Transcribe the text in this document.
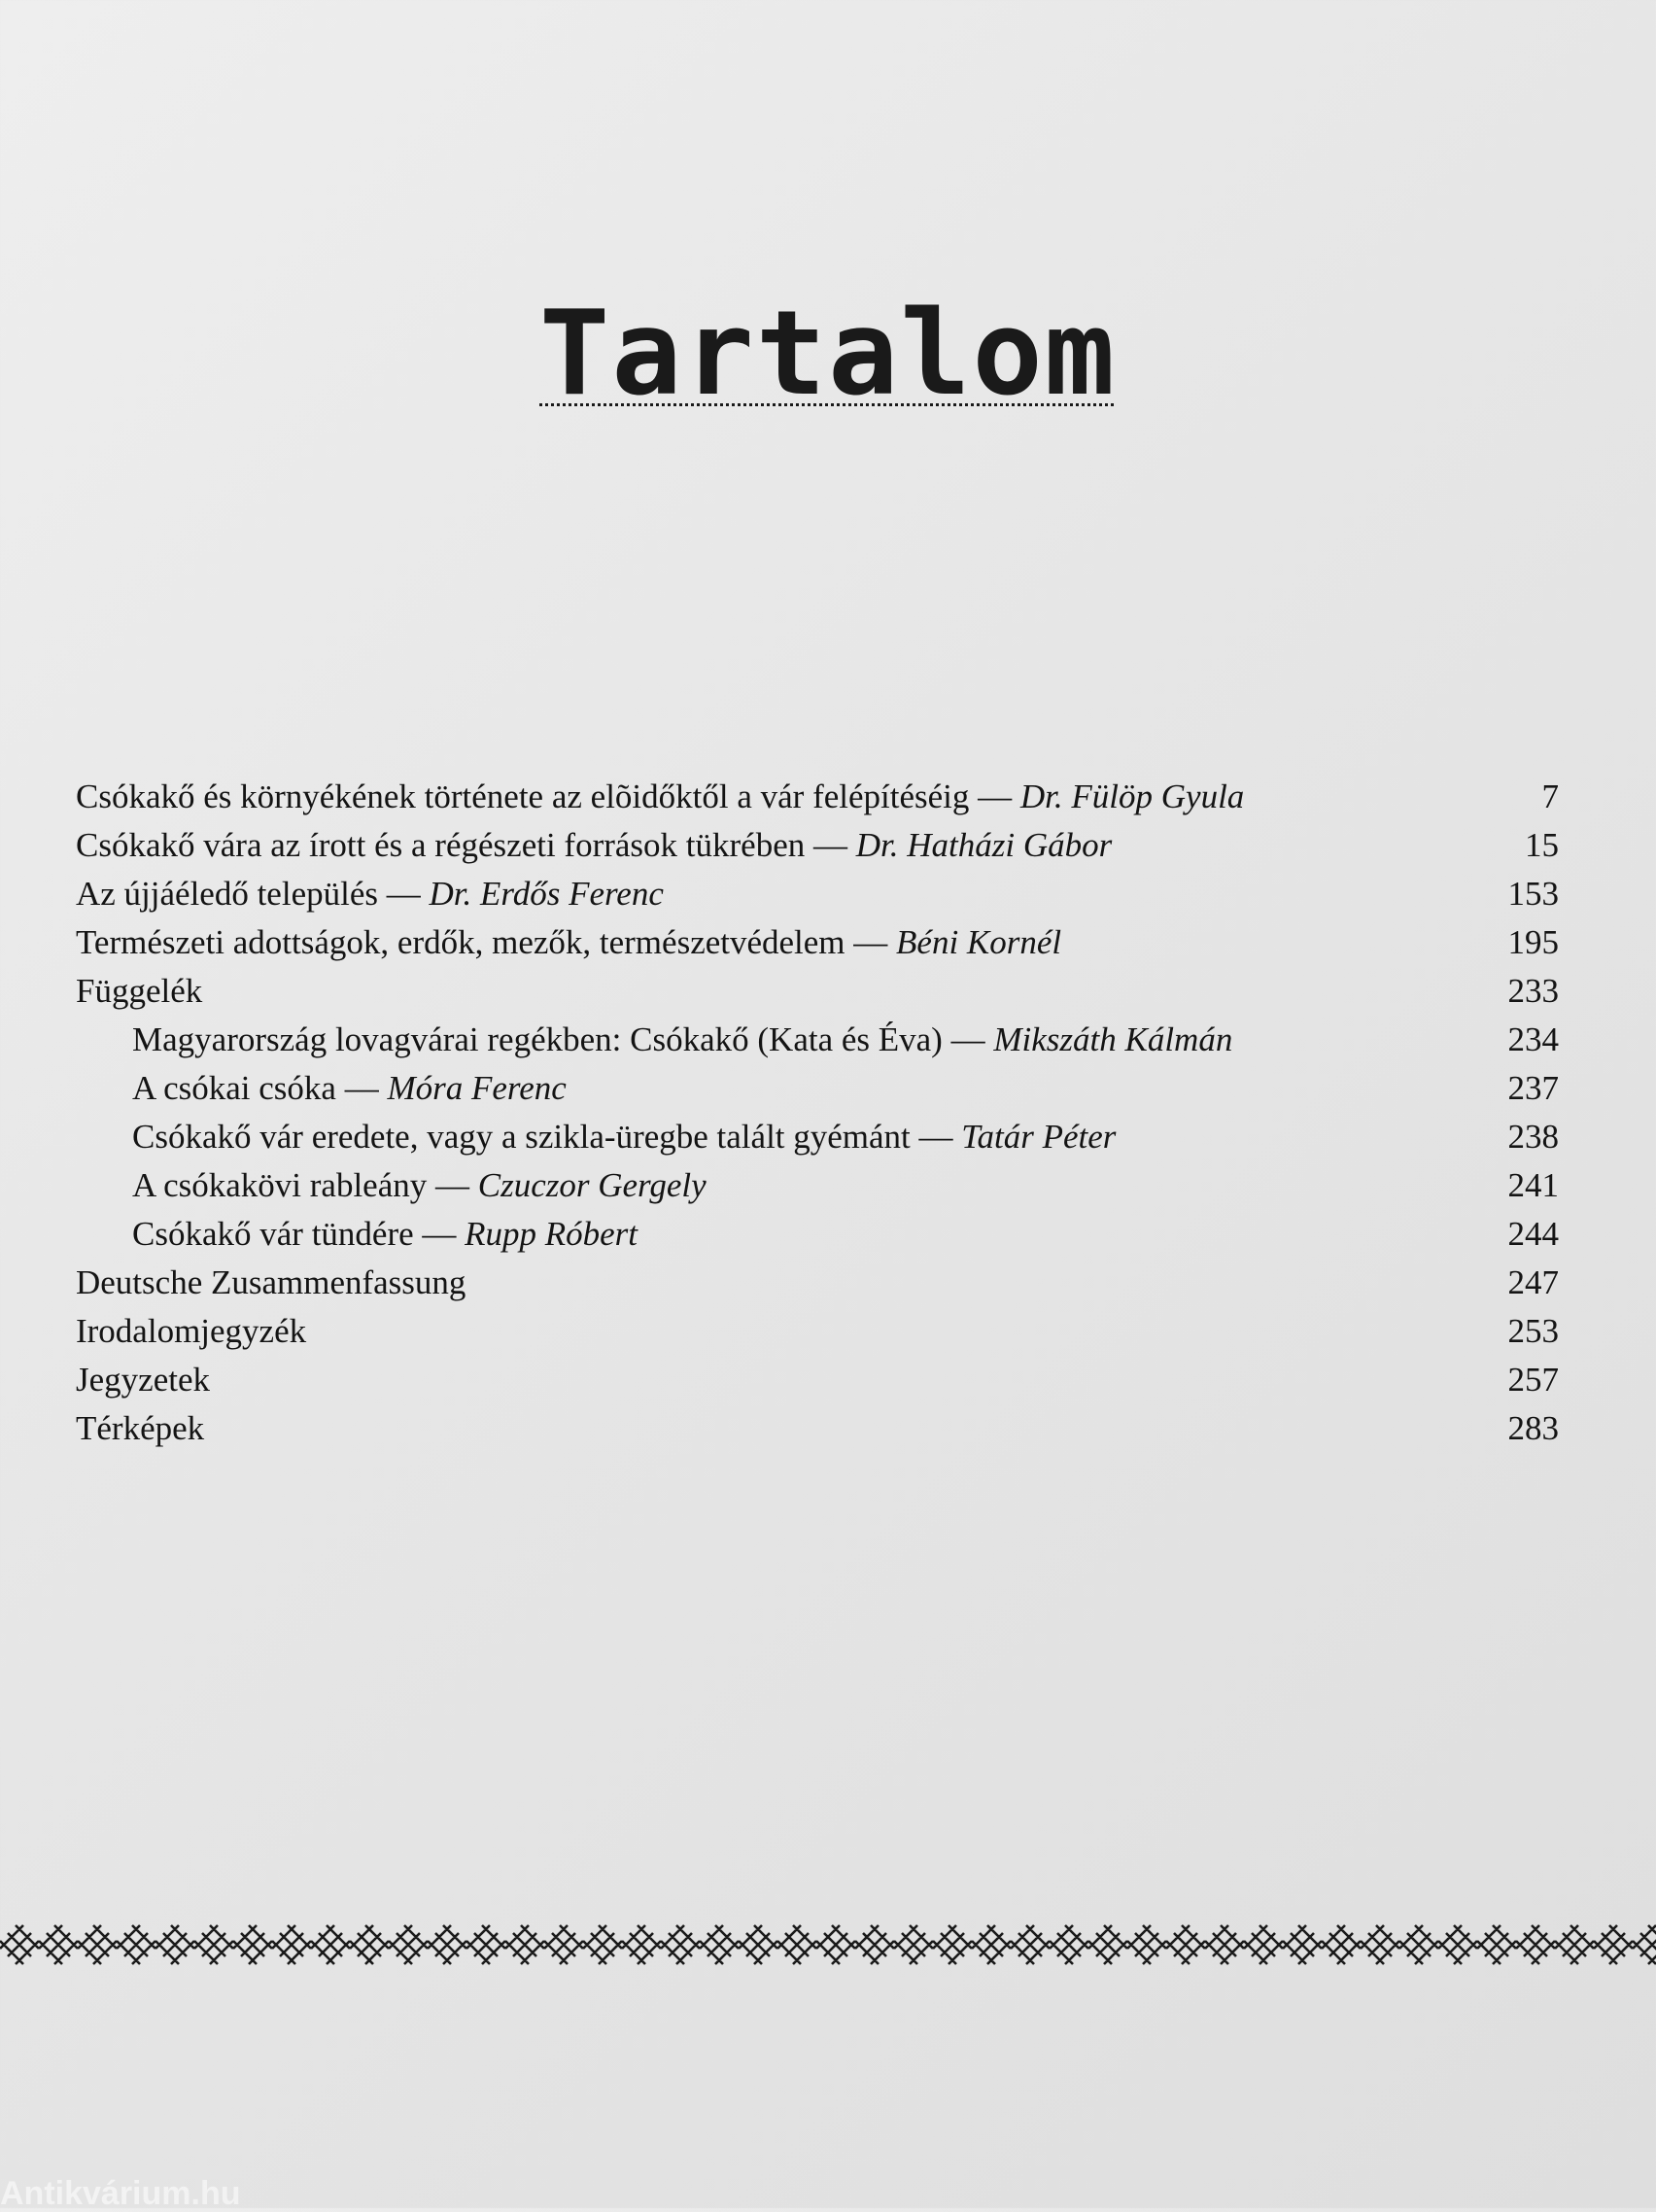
Tartalom
Csókakő és környékének története az elõidőktől a vár felépítéséig — Dr. Fülöp Gyula	7
Csókakő vára az írott és a régészeti források tükrében — Dr. Hatházi Gábor	15
Az újjáéledő település — Dr. Erdős Ferenc	153
Természeti adottságok, erdők, mezők, természetvédelem — Béni Kornél	195
Függelék	233
Magyarország lovagvárai regékben: Csókakő (Kata és Éva) — Mikszáth Kálmán	234
A csókai csóka — Móra Ferenc	237
Csókakő vár eredete, vagy a szikla-üregbe talált gyémánt — Tatár Péter	238
A csókakövi rableány — Czuczor Gergely	241
Csókakő vár tündére — Rupp Róbert	244
Deutsche Zusammenfassung	247
Irodalomjegyzék	253
Jegyzetek	257
Térképek	283
Antikvárium.hu
